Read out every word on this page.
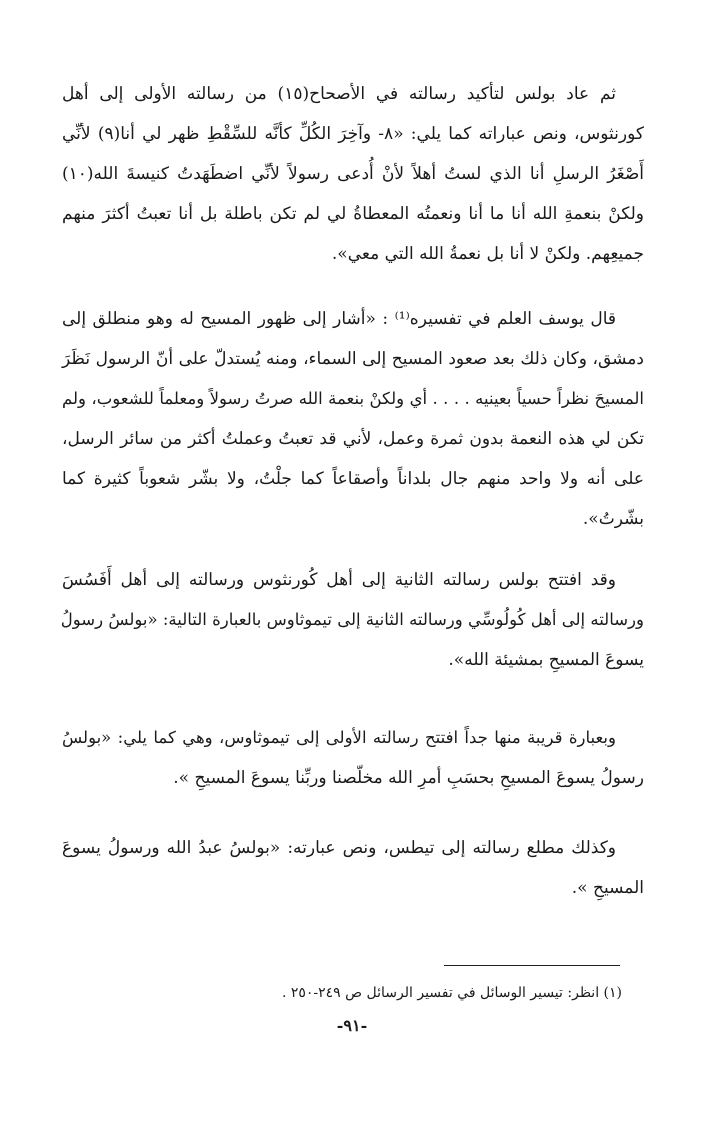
ثم عاد بولس لتأكيد رسالته في الأصحاح(١٥) من رسالته الأولى إلى أهل
كورنثوس، ونص عباراته كما يلي: «٨- وآخِرَ الكُلِّ كأنَّه للسِّقْطِ ظهر لي أنا(٩) لأنِّي
أَصْغَرُ الرسلِ أنا الذي لستُ أهلاً لأنْ أُدعى رسولاً لأنِّي اضطَهَدتُ كنيسةَ الله(١٠)
ولكنْ بنعمةِ الله أنا ما أنا ونعمتُه المعطاةُ لي لم تكن باطلة بل أنا تعبتُ أكثرَ منهم
جميعِهم. ولكنْ لا أنا بل نعمةُ الله التي معي».
قال يوسف العلم في تفسيره⁽¹⁾ : «أشار إلى ظهور المسيح له وهو منطلق إلى
دمشق، وكان ذلك بعد صعود المسيح إلى السماء، ومنه يُستدلّ على أنّ الرسول نَظَرَ
المسيحَ نظراً حسياً بعينيه . . . . أي ولكنْ بنعمة الله صرتُ رسولاً ومعلماً للشعوب، ولم
تكن لي هذه النعمة بدون ثمرة وعمل، لأني قد تعبتُ وعملتُ أكثر من سائر الرسل،
على أنه ولا واحد منهم جال بلداناً وأصقاعاً كما جلْتُ، ولا بشّر شعوباً كثيرة كما
بشّرتُ».
وقد افتتح بولس رسالته الثانية إلى أهل كُورنثوس ورسالته إلى أهل أَفَسُسَ
ورسالته إلى أهل كُولُوسِّي ورسالته الثانية إلى تيموثاوس بالعبارة التالية: «بولسُ رسولُ
يسوعَ المسيحِ بمشيئة الله».
وبعبارة قريبة منها جداً افتتح رسالته الأولى إلى تيموثاوس، وهي كما يلي: «بولسُ
رسولُ يسوعَ المسيحِ بحسَبِ أمرِ الله مخلّصنا وربِّنا يسوعَ المسيحِ ».
وكذلك مطلع رسالته إلى تيطس، ونص عبارته: «بولسُ عبدُ الله ورسولُ يسوعَ
المسيحِ ».
(١) انظر: تيسير الوسائل في تفسير الرسائل ص ٢٤٩-٢٥٠ .
-٩١-
